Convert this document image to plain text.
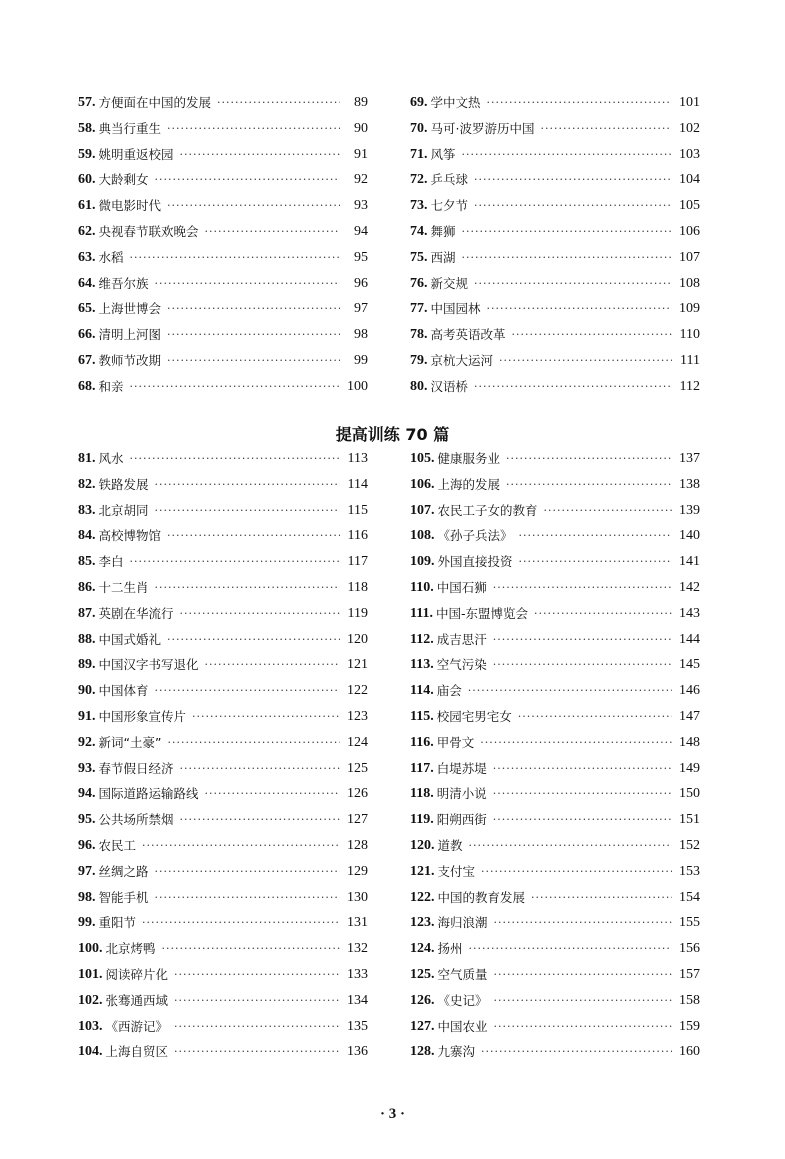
57. 方便面在中国的发展 ·····	89
58. 典当行重生 ·····	90
59. 姚明重返校园 ·····	91
60. 大龄剩女 ·····	92
61. 微电影时代 ·····	93
62. 央视春节联欢晚会 ·····	94
63. 水稻 ·····	95
64. 维吾尔族 ·····	96
65. 上海世博会 ·····	97
66. 清明上河图 ·····	98
67. 教师节改期 ·····	99
68. 和亲 ·····	100
69. 学中文热 ·····	101
70. 马可·波罗游历中国 ·····	102
71. 风筝 ·····	103
72. 乒乓球 ·····	104
73. 七夕节 ·····	105
74. 舞狮 ·····	106
75. 西湖 ·····	107
76. 新交规 ·····	108
77. 中国园林 ·····	109
78. 高考英语改革 ·····	110
79. 京杭大运河 ·····	111
80. 汉语桥 ·····	112
提高训练 70 篇
81. 风水 ·····	113
82. 铁路发展 ·····	114
83. 北京胡同 ·····	115
84. 高校博物馆 ·····	116
85. 李白 ·····	117
86. 十二生肖 ·····	118
87. 英剧在华流行 ·····	119
88. 中国式婚礼 ·····	120
89. 中国汉字书写退化 ·····	121
90. 中国体育 ·····	122
91. 中国形象宣传片 ·····	123
92. 新词“土豪” ·····	124
93. 春节假日经济 ·····	125
94. 国际道路运输路线 ·····	126
95. 公共场所禁烟 ·····	127
96. 农民工 ·····	128
97. 丝绸之路 ·····	129
98. 智能手机 ·····	130
99. 重阳节 ·····	131
100. 北京烤鸭 ·····	132
101. 阅读碎片化 ·····	133
102. 张骞通西域 ·····	134
103. 《西游记》 ·····	135
104. 上海自贸区 ·····	136
105. 健康服务业 ·····	137
106. 上海的发展 ·····	138
107. 农民工子女的教育 ·····	139
108. 《孙子兵法》 ·····	140
109. 外国直接投资 ·····	141
110. 中国石狮 ·····	142
111. 中国-东盟博览会 ·····	143
112. 成吉思汗 ·····	144
113. 空气污染 ·····	145
114. 庙会 ·····	146
115. 校园宅男宅女 ·····	147
116. 甲骨文 ·····	148
117. 白堤苏堤 ·····	149
118. 明清小说 ·····	150
119. 阳朔西街 ·····	151
120. 道教 ·····	152
121. 支付宝 ·····	153
122. 中国的教育发展 ·····	154
123. 海归浪潮 ·····	155
124. 扬州 ·····	156
125. 空气质量 ·····	157
126. 《史记》 ·····	158
127. 中国农业 ·····	159
128. 九寨沟 ·····	160
· 3 ·
